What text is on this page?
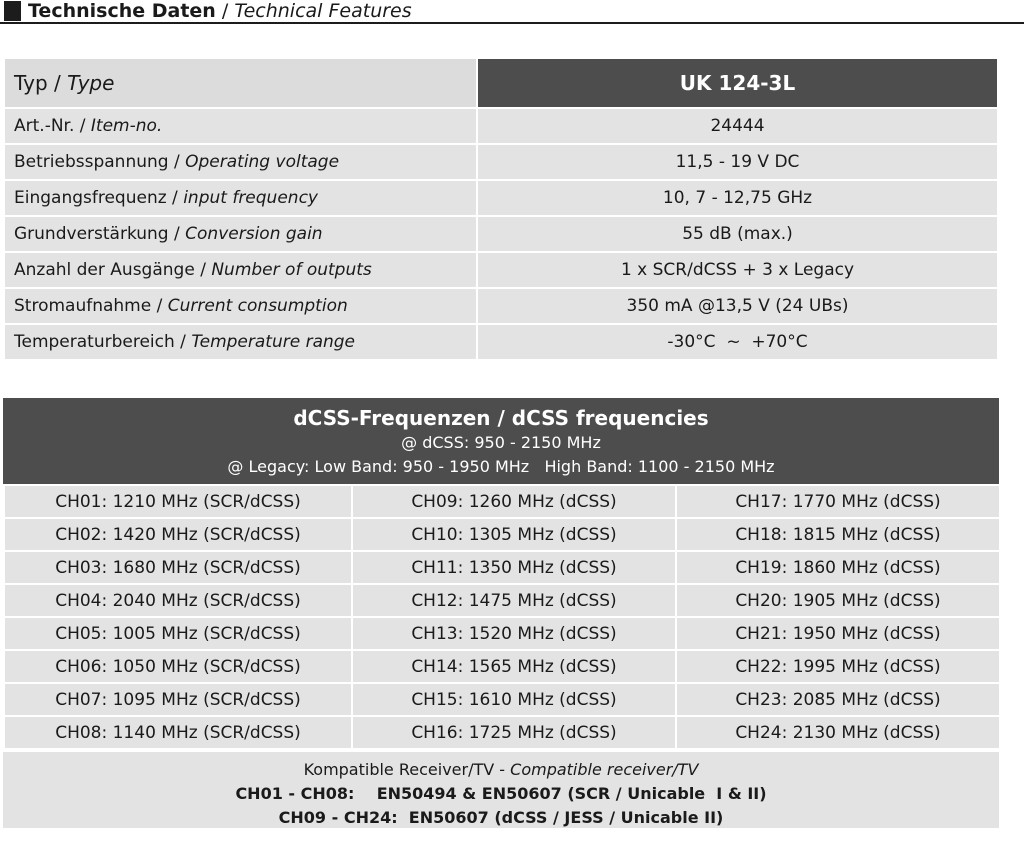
Technische Daten / Technical Features
Typ / Type	UK 124-3L
Art.-Nr. / Item-no.	24444
Betriebsspannung / Operating voltage	11,5 - 19 V DC
Eingangsfrequenz / input frequency	10, 7 - 12,75 GHz
Grundverstärkung / Conversion gain	55 dB (max.)
Anzahl der Ausgänge / Number of outputs	1 x SCR/dCSS + 3 x Legacy
Stromaufnahme / Current consumption	350 mA @13,5 V (24 UBs)
Temperaturbereich / Temperature range	-30°C  ~  +70°C
dCSS-Frequenzen / dCSS frequencies
@ dCSS: 950 - 2150 MHz
@ Legacy: Low Band: 950 - 1950 MHz   High Band: 1100 - 2150 MHz
CH01: 1210 MHz (SCR/dCSS)	CH09: 1260 MHz (dCSS)	CH17: 1770 MHz (dCSS)
CH02: 1420 MHz (SCR/dCSS)	CH10: 1305 MHz (dCSS)	CH18: 1815 MHz (dCSS)
CH03: 1680 MHz (SCR/dCSS)	CH11: 1350 MHz (dCSS)	CH19: 1860 MHz (dCSS)
CH04: 2040 MHz (SCR/dCSS)	CH12: 1475 MHz (dCSS)	CH20: 1905 MHz (dCSS)
CH05: 1005 MHz (SCR/dCSS)	CH13: 1520 MHz (dCSS)	CH21: 1950 MHz (dCSS)
CH06: 1050 MHz (SCR/dCSS)	CH14: 1565 MHz (dCSS)	CH22: 1995 MHz (dCSS)
CH07: 1095 MHz (SCR/dCSS)	CH15: 1610 MHz (dCSS)	CH23: 2085 MHz (dCSS)
CH08: 1140 MHz (SCR/dCSS)	CH16: 1725 MHz (dCSS)	CH24: 2130 MHz (dCSS)
Kompatible Receiver/TV - Compatible receiver/TV
CH01 - CH08:    EN50494 & EN50607 (SCR / Unicable  I & II)
CH09 - CH24:  EN50607 (dCSS / JESS / Unicable II)
